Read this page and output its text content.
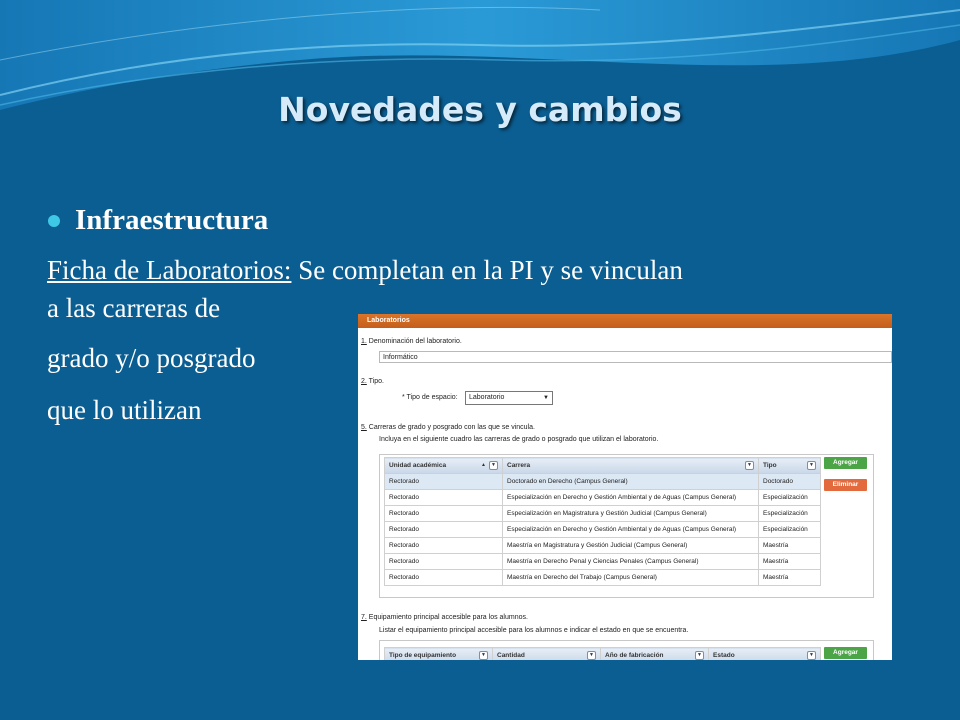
Novedades y cambios
Infraestructura
Ficha de Laboratorios: Se completan en la PI y se vinculan
a las carreras de
grado y/o posgrado
que lo utilizan
Laboratorios
1. Denominación del laboratorio.
Informático
2. Tipo.
* Tipo de espacio:	Laboratorio	▼
5. Carreras de grado y posgrado con las que se vincula.
Incluya en el siguiente cuadro las carreras de grado o posgrado que utilizan el laboratorio.
Unidad académica ▲ ▼	Carrera ▼	Tipo ▼

Rectorado	Doctorado en Derecho (Campus General)	Doctorado
Rectorado	Especialización en Derecho y Gestión Ambiental y de Aguas (Campus General)	Especialización
Rectorado	Especialización en Magistratura y Gestión Judicial (Campus General)	Especialización
Rectorado	Especialización en Derecho y Gestión Ambiental y de Aguas (Campus General)	Especialización
Rectorado	Maestría en Magistratura y Gestión Judicial (Campus General)	Maestría
Rectorado	Maestría en Derecho Penal y Ciencias Penales (Campus General)	Maestría
Rectorado	Maestría en Derecho del Trabajo (Campus General)	Maestría
Agregar
Eliminar
7. Equipamiento principal accesible para los alumnos.
Listar el equipamiento principal accesible para los alumnos e indicar el estado en que se encuentra.
Tipo de equipamiento	▼	Cantidad	▼	Año de fabricación	▼	Estado	▼	Agregar
